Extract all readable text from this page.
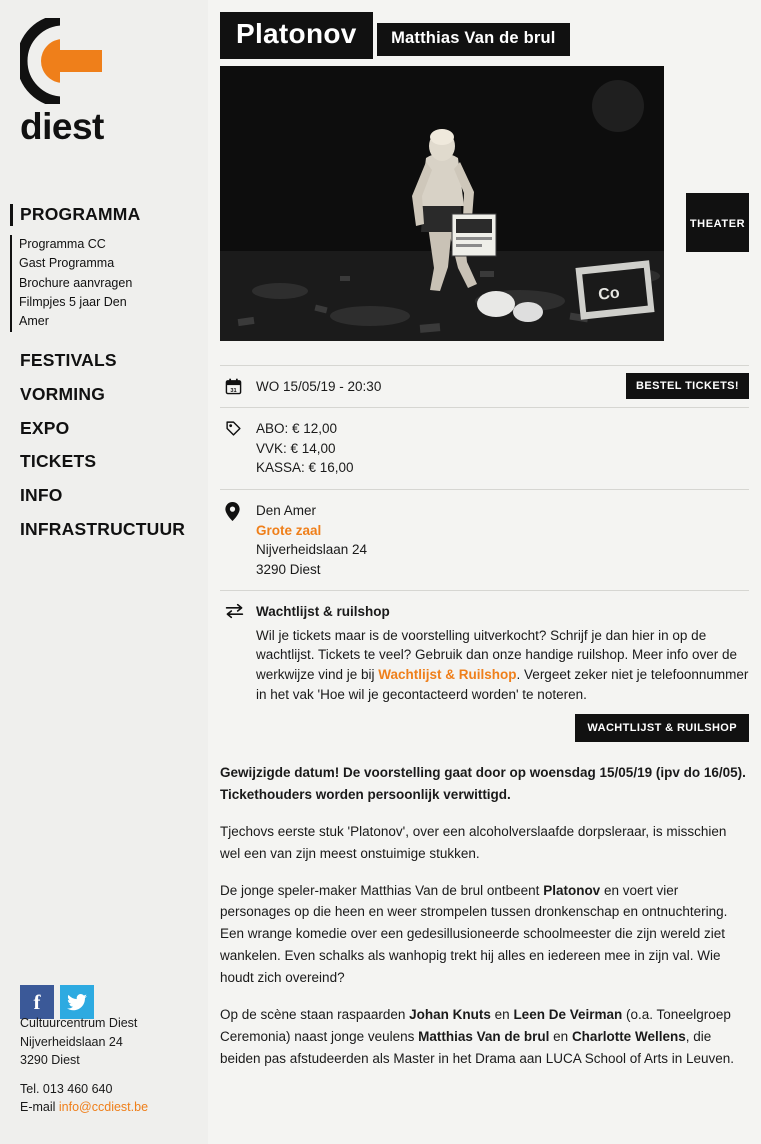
diest
PROGRAMMA
Programma CC
Gast Programma
Brochure aanvragen
Filmpjes 5 jaar Den
Amer
FESTIVALS
VORMING
EXPO
TICKETS
INFO
INFRASTRUCTUUR
f
Cultuurcentrum Diest
Nijverheidslaan 24
3290 Diest
Tel. 013 460 640
E-mail info@ccdiest.be
Platonov Matthias Van de brul
Co
THEATER
31 WO 15/05/19 - 20:30	BESTEL TICKETS!
ABO: € 12,00
VVK: € 14,00
KASSA: € 16,00
Den Amer
Grote zaal
Nijverheidslaan 24
3290 Diest
Wachtlijst & ruilshop
Wil je tickets maar is de voorstelling uitverkocht? Schrijf je dan hier in op de wachtlijst. Tickets te veel? Gebruik dan onze handige ruilshop. Meer info over de werkwijze vind je bij Wachtlijst & Ruilshop. Vergeet zeker niet je telefoonnummer in het vak 'Hoe wil je gecontacteerd worden' te noteren.
WACHTLIJST & RUILSHOP

Gewijzigde datum! De voorstelling gaat door op woensdag 15/05/19 (ipv do 16/05). Tickethouders worden persoonlijk verwittigd.

Tjechovs eerste stuk 'Platonov', over een alcoholverslaafde dorpsleraar, is misschien wel een van zijn meest onstuimige stukken.

De jonge speler-maker Matthias Van de brul ontbeent Platonov en voert vier personages op die heen en weer strompelen tussen dronkenschap en ontnuchtering. Een wrange komedie over een gedesillusioneerde schoolmeester die zijn wereld ziet wankelen. Even schalks als wanhopig trekt hij alles en iedereen mee in zijn val. Wie houdt zich overeind?

Op de scène staan raspaarden Johan Knuts en Leen De Veirman (o.a. Toneelgroep Ceremonia) naast jonge veulens Matthias Van de brul en Charlotte Wellens, die beiden pas afstudeerden als Master in het Drama aan LUCA School of Arts in Leuven.
